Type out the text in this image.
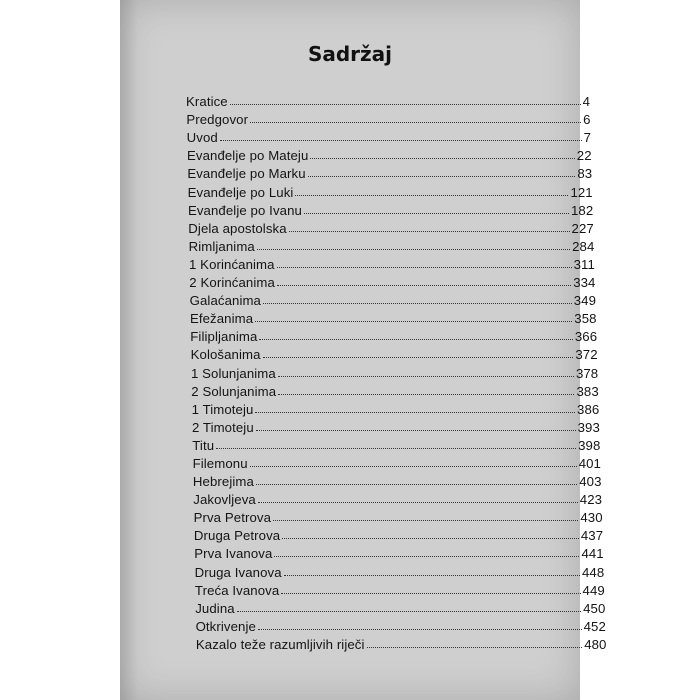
Sadržaj
Kratice	4
Predgovor	6
Uvod	7
Evanđelje po Mateju	22
Evanđelje po Marku	83
Evanđelje po Luki	121
Evanđelje po Ivanu	182
Djela apostolska	227
Rimljanima	284
1 Korinćanima	311
2 Korinćanima	334
Galaćanima	349
Efežanima	358
Filipljanima	366
Kološanima	372
1 Solunjanima	378
2 Solunjanima	383
1 Timoteju	386
2 Timoteju	393
Titu	398
Filemonu	401
Hebrejima	403
Jakovljeva	423
Prva Petrova	430
Druga Petrova	437
Prva Ivanova	441
Druga Ivanova	448
Treća Ivanova	449
Judina	450
Otkrivenje	452
Kazalo teže razumljivih riječi	480
